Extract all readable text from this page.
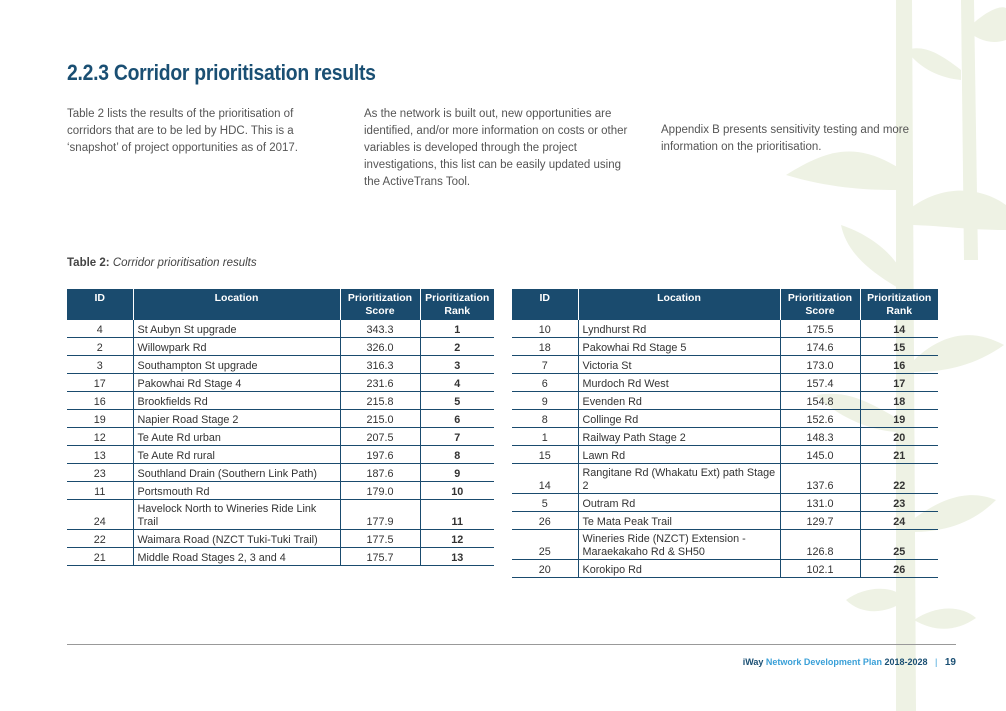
2.2.3 Corridor prioritisation results

Table 2 lists the results of the prioritisation of corridors that are to be led by HDC. This is a ‘snapshot’ of project opportunities as of 2017.

As the network is built out, new opportunities are identified, and/or more information on costs or other variables is developed through the project investigations, this list can be easily updated using the ActiveTrans Tool.

Appendix B presents sensitivity testing and more information on the prioritisation.

Table 2: Corridor prioritisation results

ID	Location	Prioritization Score	Prioritization Rank
4	St Aubyn St upgrade	343.3	1
2	Willowpark Rd	326.0	2
3	Southampton St upgrade	316.3	3
17	Pakowhai Rd Stage 4	231.6	4
16	Brookfields Rd	215.8	5
19	Napier Road Stage 2	215.0	6
12	Te Aute Rd urban	207.5	7
13	Te Aute Rd rural	197.6	8
23	Southland Drain (Southern Link Path)	187.6	9
11	Portsmouth Rd	179.0	10
24	Havelock North to Wineries Ride Link Trail	177.9	11
22	Waimara Road (NZCT Tuki-Tuki Trail)	177.5	12
21	Middle Road Stages 2, 3 and 4	175.7	13
ID	Location	Prioritization Score	Prioritization Rank
10	Lyndhurst Rd	175.5	14
18	Pakowhai Rd Stage 5	174.6	15
7	Victoria St	173.0	16
6	Murdoch Rd West	157.4	17
9	Evenden Rd	154.8	18
8	Collinge Rd	152.6	19
1	Railway Path Stage 2	148.3	20
15	Lawn Rd	145.0	21
14	Rangitane Rd (Whakatu Ext) path Stage 2	137.6	22
5	Outram Rd	131.0	23
26	Te Mata Peak Trail	129.7	24
25	Wineries Ride (NZCT) Extension - Maraekakaho Rd & SH50	126.8	25
20	Korokipo Rd	102.1	26
iWay Network Development Plan 2018-2028 | 19
